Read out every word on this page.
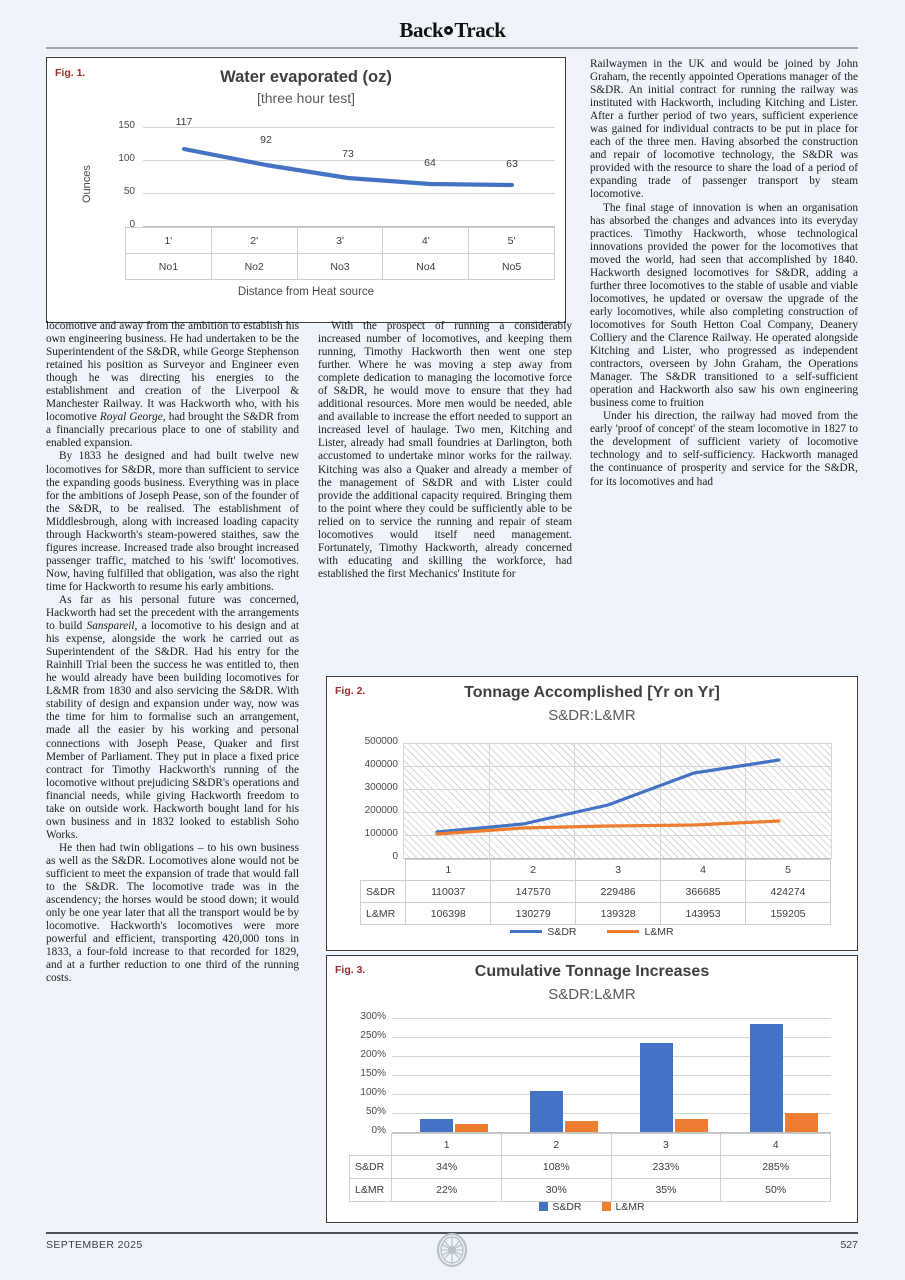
Back Track
Fig. 1.	Water evaporated (oz)
[three hour test]
150
100
50
0
Ounces
117
92
73
64	63
1'	2'	3'	4'	5'
No1	No2	No3	No4	No5
Distance from Heat source

locomotive and away from the ambition to establish his own engineering business. He had undertaken to be the Superintendent of the S&DR, while George Stephenson retained his position as Surveyor and Engineer even though he was directing his energies to the establishment and creation of the Liverpool & Manchester Railway. It was Hackworth who, with his locomotive Royal George, had brought the S&DR from a financially precarious place to one of stability and enabled expansion.

By 1833 he designed and had built twelve new locomotives for S&DR, more than sufficient to service the expanding goods business. Everything was in place for the ambitions of Joseph Pease, son of the founder of the S&DR, to be realised. The establishment of Middlesbrough, along with increased loading capacity through Hackworth's steam-powered staithes, saw the figures increase. Increased trade also brought increased passenger traffic, matched to his 'swift' locomotives. Now, having fulfilled that obligation, was also the right time for Hackworth to resume his early ambitions.

As far as his personal future was concerned, Hackworth had set the precedent with the arrangements to build Sanspareil, a locomotive to his design and at his expense, alongside the work he carried out as Superintendent of the S&DR. Had his entry for the Rainhill Trial been the success he was entitled to, then he would already have been building locomotives for L&MR from 1830 and also servicing the S&DR. With stability of design and expansion under way, now was the time for him to formalise such an arrangement, made all the easier by his working and personal connections with Joseph Pease, Quaker and first Member of Parliament. They put in place a fixed price contract for Timothy Hackworth's running of the locomotive without prejudicing S&DR's operations and financial needs, while giving Hackworth freedom to take on outside work. Hackworth bought land for his own business and in 1832 looked to establish Soho Works.

He then had twin obligations – to his own business as well as the S&DR. Locomotives alone would not be sufficient to meet the expansion of trade that would fall to the S&DR. The locomotive trade was in the ascendency; the horses would be stood down; it would only be one year later that all the transport would be by locomotive. Hackworth's locomotives were more powerful and efficient, transporting 420,000 tons in 1833, a four-fold increase to that recorded for 1829, and at a further reduction to one third of the running costs.

With the prospect of running a considerably increased number of locomotives, and keeping them running, Timothy Hackworth then went one step further. Where he was moving a step away from complete dedication to managing the locomotive force of S&DR, he would move to ensure that they had additional resources. More men would be needed, able and available to increase the effort needed to support an increased level of haulage. Two men, Kitching and Lister, already had small foundries at Darlington, both accustomed to undertake minor works for the railway. Kitching was also a Quaker and already a member of the management of S&DR and with Lister could provide the additional capacity required. Bringing them to the point where they could be sufficiently able to be relied on to service the running and repair of steam locomotives would itself need management. Fortunately, Timothy Hackworth, already concerned with educating and skilling the workforce, had established the first Mechanics' Institute for

Railwaymen in the UK and would be joined by John Graham, the recently appointed Operations manager of the S&DR. An initial contract for running the railway was instituted with Hackworth, including Kitching and Lister. After a further period of two years, sufficient experience was gained for individual contracts to be put in place for each of the three men. Having absorbed the construction and repair of locomotive technology, the S&DR was provided with the resource to share the load of a period of expanding trade of passenger transport by steam locomotive.

The final stage of innovation is when an organisation has absorbed the changes and advances into its everyday practices. Timothy Hackworth, whose technological innovations provided the power for the locomotives that moved the world, had seen that accomplished by 1840. Hackworth designed locomotives for S&DR, adding a further three locomotives to the stable of usable and viable locomotives, he updated or oversaw the upgrade of the early locomotives, while also completing construction of locomotives for South Hetton Coal Company, Deanery Colliery and the Clarence Railway. He operated alongside Kitching and Lister, who progressed as independent contractors, overseen by John Graham, the Operations Manager. The S&DR transitioned to a self-sufficient operation and Hackworth also saw his own engineering business come to fruition

Under his direction, the railway had moved from the early 'proof of concept' of the steam locomotive in 1827 to the development of sufficient variety of locomotive technology and to self-sufficiency. Hackworth managed the continuance of prosperity and service for the S&DR, for its locomotives and had

Fig. 2.	Tonnage Accomplished [Yr on Yr]
S&DR:L&MR
500000
400000
300000
200000
100000
0
	1	2	3	4	5
S&DR	110037	147570	229486	366685	424274
L&MR	106398	130279	139328	143953	159205
S&DR	L&MR
Fig. 3.	Cumulative Tonnage Increases
S&DR:L&MR
300%
250%
200%
150%
100%
50%
0%
	1	2	3	4
S&DR	34%	108%	233%	285%
L&MR	22%	30%	35%	50%
S&DR	L&MR
SEPTEMBER 2025	527
